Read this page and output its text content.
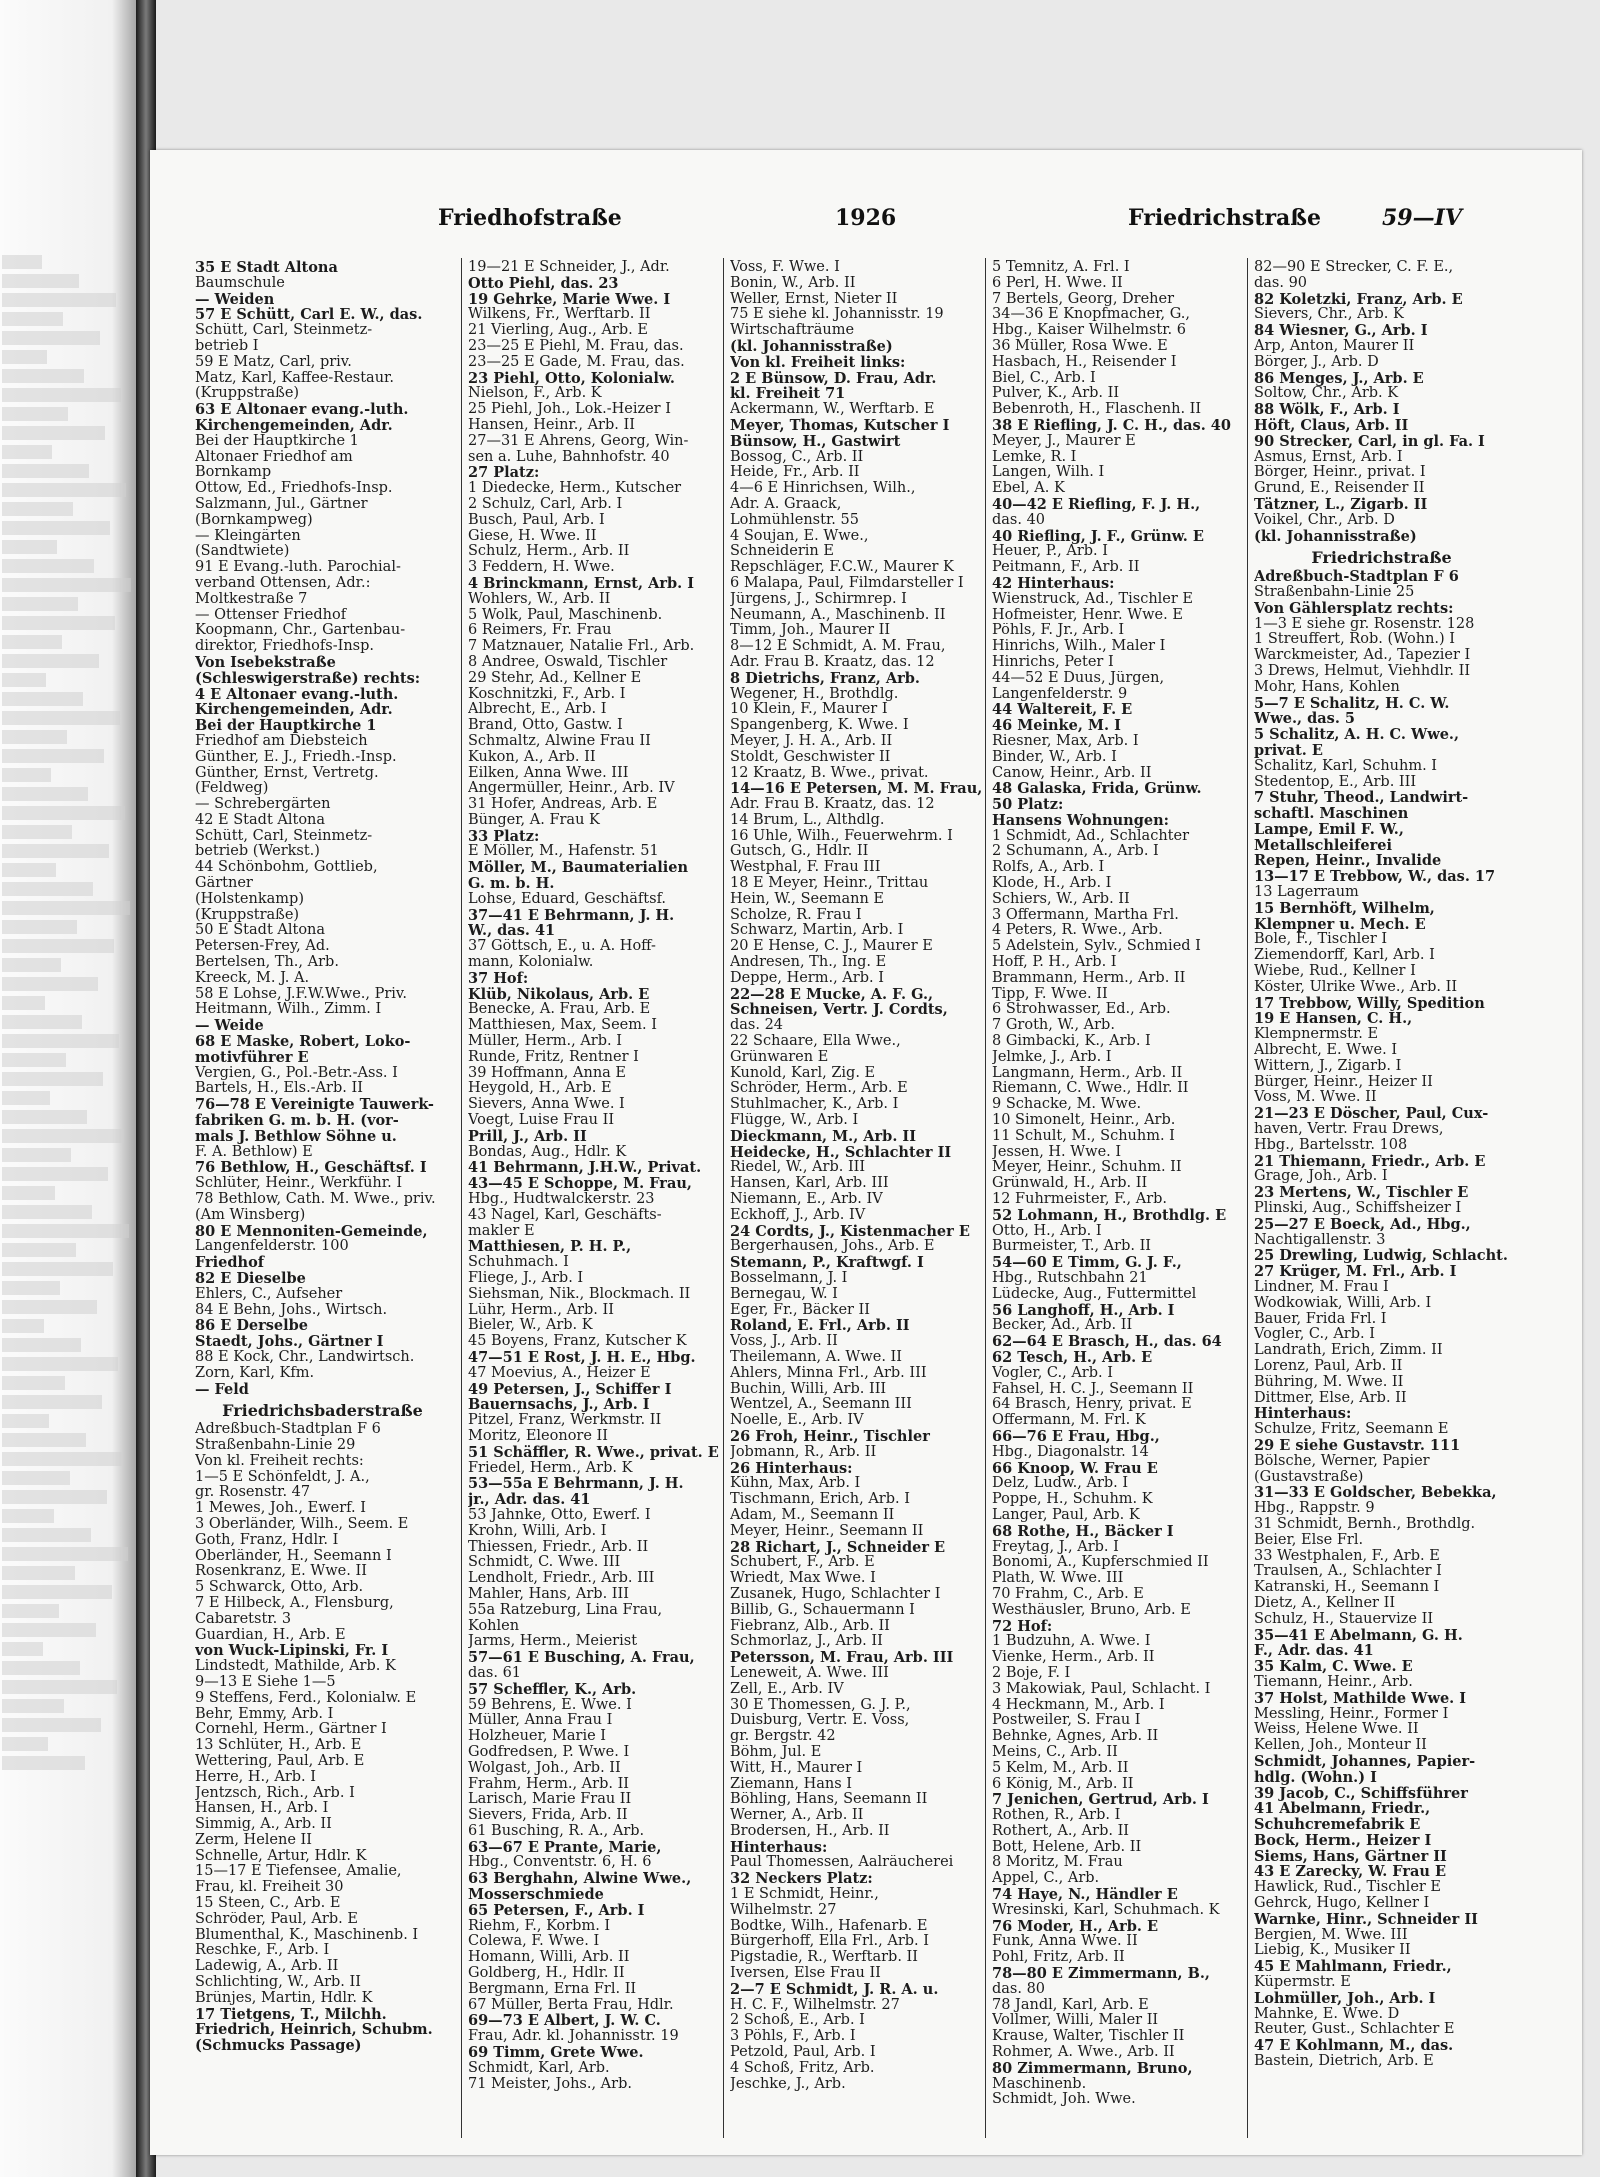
Friedhofstraße	1926	Friedrichstraße	59—IV
35 E Stadt Altona
Baumschule
— Weiden
57 E Schütt, Carl E. W., das.
Schütt, Carl, Steinmetz-
betrieb I
59 E Matz, Carl, priv.
Matz, Karl, Kaffee-Restaur.
(Kruppstraße)
63 E Altonaer evang.-luth.
Kirchengemeinden, Adr.
Bei der Hauptkirche 1
Altonaer Friedhof am
Bornkamp
Ottow, Ed., Friedhofs-Insp.
Salzmann, Jul., Gärtner
(Bornkampweg)
— Kleingärten
(Sandtwiete)
91 E Evang.-luth. Parochial-
verband Ottensen, Adr.:
Moltkestraße 7
— Ottenser Friedhof
Koopmann, Chr., Gartenbau-
direktor, Friedhofs-Insp.
Von Isebekstraße
(Schleswigerstraße) rechts:
4 E Altonaer evang.-luth.
Kirchengemeinden, Adr.
Bei der Hauptkirche 1
Friedhof am Diebsteich
Günther, E. J., Friedh.-Insp.
Günther, Ernst, Vertretg.
(Feldweg)
— Schrebergärten
42 E Stadt Altona
Schütt, Carl, Steinmetz-
betrieb (Werkst.)
44 Schönbohm, Gottlieb,
Gärtner
(Holstenkamp)
(Kruppstraße)
50 E Stadt Altona
Petersen-Frey, Ad.
Bertelsen, Th., Arb.
Kreeck, M. J. A.
58 E Lohse, J.F.W.Wwe., Priv.
Heitmann, Wilh., Zimm. I
— Weide
68 E Maske, Robert, Loko-
motivführer E
Vergien, G., Pol.-Betr.-Ass. I
Bartels, H., Els.-Arb. II
76—78 E Vereinigte Tauwerk-
fabriken G. m. b. H. (vor-
mals J. Bethlow Söhne u.
F. A. Bethlow) E
76 Bethlow, H., Geschäftsf. I
Schlüter, Heinr., Werkführ. I
78 Bethlow, Cath. M. Wwe., priv.
(Am Winsberg)
80 E Mennoniten-Gemeinde,
Langenfelderstr. 100
Friedhof
82 E Dieselbe
Ehlers, C., Aufseher
84 E Behn, Johs., Wirtsch.
86 E Derselbe
Staedt, Johs., Gärtner I
88 E Kock, Chr., Landwirtsch.
Zorn, Karl, Kfm.
— Feld
Friedrichsbaderstraße
Adreßbuch-Stadtplan F 6
Straßenbahn-Linie 29
Von kl. Freiheit rechts:
1—5 E Schönfeldt, J. A.,
gr. Rosenstr. 47
1 Mewes, Joh., Ewerf. I
3 Oberländer, Wilh., Seem. E
Goth, Franz, Hdlr. I
Oberländer, H., Seemann I
Rosenkranz, E. Wwe. II
5 Schwarck, Otto, Arb.
7 E Hilbeck, A., Flensburg,
Cabaretstr. 3
Guardian, H., Arb. E
von Wuck-Lipinski, Fr. I
Lindstedt, Mathilde, Arb. K
9—13 E Siehe 1—5
9 Steffens, Ferd., Kolonialw. E
Behr, Emmy, Arb. I
Cornehl, Herm., Gärtner I
13 Schlüter, H., Arb. E
Wettering, Paul, Arb. E
Herre, H., Arb. I
Jentzsch, Rich., Arb. I
Hansen, H., Arb. I
Simmig, A., Arb. II
Zerm, Helene II
Schnelle, Artur, Hdlr. K
15—17 E Tiefensee, Amalie,
Frau, kl. Freiheit 30
15 Steen, C., Arb. E
Schröder, Paul, Arb. E
Blumenthal, K., Maschinenb. I
Reschke, F., Arb. I
Ladewig, A., Arb. II
Schlichting, W., Arb. II
Brünjes, Martin, Hdlr. K
17 Tietgens, T., Milchh.
Friedrich, Heinrich, Schubm.
(Schmucks Passage)
19—21 E Schneider, J., Adr.
Otto Piehl, das. 23
19 Gehrke, Marie Wwe. I
Wilkens, Fr., Werftarb. II
21 Vierling, Aug., Arb. E
23—25 E Piehl, M. Frau, das.
23—25 E Gade, M. Frau, das.
23 Piehl, Otto, Kolonialw.
Nielson, F., Arb. K
25 Piehl, Joh., Lok.-Heizer I
Hansen, Heinr., Arb. II
27—31 E Ahrens, Georg, Win-
sen a. Luhe, Bahnhofstr. 40
27 Platz:
1 Diedecke, Herm., Kutscher
2 Schulz, Carl, Arb. I
Busch, Paul, Arb. I
Giese, H. Wwe. II
Schulz, Herm., Arb. II
3 Feddern, H. Wwe.
4 Brinckmann, Ernst, Arb. I
Wohlers, W., Arb. II
5 Wolk, Paul, Maschinenb.
6 Reimers, Fr. Frau
7 Matznauer, Natalie Frl., Arb.
8 Andree, Oswald, Tischler
29 Stehr, Ad., Kellner E
Koschnitzki, F., Arb. I
Albrecht, E., Arb. I
Brand, Otto, Gastw. I
Schmaltz, Alwine Frau II
Kukon, A., Arb. II
Eilken, Anna Wwe. III
Angermüller, Heinr., Arb. IV
31 Hofer, Andreas, Arb. E
Bünger, A. Frau K
33 Platz:
E Möller, M., Hafenstr. 51
Möller, M., Baumaterialien
G. m. b. H.
Lohse, Eduard, Geschäftsf.
37—41 E Behrmann, J. H.
W., das. 41
37 Göttsch, E., u. A. Hoff-
mann, Kolonialw.
37 Hof:
Klüb, Nikolaus, Arb. E
Benecke, A. Frau, Arb. E
Matthiesen, Max, Seem. I
Müller, Herm., Arb. I
Runde, Fritz, Rentner I
39 Hoffmann, Anna E
Heygold, H., Arb. E
Sievers, Anna Wwe. I
Voegt, Luise Frau II
Prill, J., Arb. II
Bondas, Aug., Hdlr. K
41 Behrmann, J.H.W., Privat.
43—45 E Schoppe, M. Frau,
Hbg., Hudtwalckerstr. 23
43 Nagel, Karl, Geschäfts-
makler E
Matthiesen, P. H. P.,
Schuhmach. I
Fliege, J., Arb. I
Siehsman, Nik., Blockmach. II
Lühr, Herm., Arb. II
Bieler, W., Arb. K
45 Boyens, Franz, Kutscher K
47—51 E Rost, J. H. E., Hbg.
47 Moevius, A., Heizer E
49 Petersen, J., Schiffer I
Bauernsachs, J., Arb. I
Pitzel, Franz, Werkmstr. II
Moritz, Eleonore II
51 Schäffler, R. Wwe., privat. E
Friedel, Herm., Arb. K
53—55a E Behrmann, J. H.
jr., Adr. das. 41
53 Jahnke, Otto, Ewerf. I
Krohn, Willi, Arb. I
Thiessen, Friedr., Arb. II
Schmidt, C. Wwe. III
Lendholt, Friedr., Arb. III
Mahler, Hans, Arb. III
55a Ratzeburg, Lina Frau,
Kohlen
Jarms, Herm., Meierist
57—61 E Busching, A. Frau,
das. 61
57 Scheffler, K., Arb.
59 Behrens, E. Wwe. I
Müller, Anna Frau I
Holzheuer, Marie I
Godfredsen, P. Wwe. I
Wolgast, Joh., Arb. II
Frahm, Herm., Arb. II
Larisch, Marie Frau II
Sievers, Frida, Arb. II
61 Busching, R. A., Arb.
63—67 E Prante, Marie,
Hbg., Conventstr. 6, H. 6
63 Berghahn, Alwine Wwe.,
Mosserschmiede
65 Petersen, F., Arb. I
Riehm, F., Korbm. I
Colewa, F. Wwe. I
Homann, Willi, Arb. II
Goldberg, H., Hdlr. II
Bergmann, Erna Frl. II
67 Müller, Berta Frau, Hdlr.
69—73 E Albert, J. W. C.
Frau, Adr. kl. Johannisstr. 19
69 Timm, Grete Wwe.
Schmidt, Karl, Arb.
71 Meister, Johs., Arb.
Voss, F. Wwe. I
Bonin, W., Arb. II
Weller, Ernst, Nieter II
75 E siehe kl. Johannisstr. 19
Wirtschafträume
(kl. Johannisstraße)
Von kl. Freiheit links:
2 E Bünsow, D. Frau, Adr.
kl. Freiheit 71
Ackermann, W., Werftarb. E
Meyer, Thomas, Kutscher I
Bünsow, H., Gastwirt
Bossog, C., Arb. II
Heide, Fr., Arb. II
4—6 E Hinrichsen, Wilh.,
Adr. A. Graack,
Lohmühlenstr. 55
4 Soujan, E. Wwe.,
Schneiderin E
Repschläger, F.C.W., Maurer K
6 Malapa, Paul, Filmdarsteller I
Jürgens, J., Schirmrep. I
Neumann, A., Maschinenb. II
Timm, Joh., Maurer II
8—12 E Schmidt, A. M. Frau,
Adr. Frau B. Kraatz, das. 12
8 Dietrichs, Franz, Arb.
Wegener, H., Brothdlg.
10 Klein, F., Maurer I
Spangenberg, K. Wwe. I
Meyer, J. H. A., Arb. II
Stoldt, Geschwister II
12 Kraatz, B. Wwe., privat.
14—16 E Petersen, M. M. Frau,
Adr. Frau B. Kraatz, das. 12
14 Brum, L., Althdlg.
16 Uhle, Wilh., Feuerwehrm. I
Gutsch, G., Hdlr. II
Westphal, F. Frau III
18 E Meyer, Heinr., Trittau
Hein, W., Seemann E
Scholze, R. Frau I
Schwarz, Martin, Arb. I
20 E Hense, C. J., Maurer E
Andresen, Th., Ing. E
Deppe, Herm., Arb. I
22—28 E Mucke, A. F. G.,
Schneisen, Vertr. J. Cordts,
das. 24
22 Schaare, Ella Wwe.,
Grünwaren E
Kunold, Karl, Zig. E
Schröder, Herm., Arb. E
Stuhlmacher, K., Arb. I
Flügge, W., Arb. I
Dieckmann, M., Arb. II
Heidecke, H., Schlachter II
Riedel, W., Arb. III
Hansen, Karl, Arb. III
Niemann, E., Arb. IV
Eckhoff, J., Arb. IV
24 Cordts, J., Kistenmacher E
Bergerhausen, Johs., Arb. E
Stemann, P., Kraftwgf. I
Bosselmann, J. I
Bernegau, W. I
Eger, Fr., Bäcker II
Roland, E. Frl., Arb. II
Voss, J., Arb. II
Theilemann, A. Wwe. II
Ahlers, Minna Frl., Arb. III
Buchin, Willi, Arb. III
Wentzel, A., Seemann III
Noelle, E., Arb. IV
26 Froh, Heinr., Tischler
Jobmann, R., Arb. II
26 Hinterhaus:
Kühn, Max, Arb. I
Tischmann, Erich, Arb. I
Adam, M., Seemann II
Meyer, Heinr., Seemann II
28 Richart, J., Schneider E
Schubert, F., Arb. E
Wriedt, Max Wwe. I
Zusanek, Hugo, Schlachter I
Billib, G., Schauermann I
Fiebranz, Alb., Arb. II
Schmorlaz, J., Arb. II
Petersson, M. Frau, Arb. III
Leneweit, A. Wwe. III
Zell, E., Arb. IV
30 E Thomessen, G. J. P.,
Duisburg, Vertr. E. Voss,
gr. Bergstr. 42
Böhm, Jul. E
Witt, H., Maurer I
Ziemann, Hans I
Böhling, Hans, Seemann II
Werner, A., Arb. II
Brodersen, H., Arb. II
Hinterhaus:
Paul Thomessen, Aalräucherei
32 Neckers Platz:
1 E Schmidt, Heinr.,
Wilhelmstr. 27
Bodtke, Wilh., Hafenarb. E
Bürgerhoff, Ella Frl., Arb. I
Pigstadie, R., Werftarb. II
Iversen, Else Frau II
2—7 E Schmidt, J. R. A. u.
H. C. F., Wilhelmstr. 27
2 Schoß, E., Arb. I
3 Pöhls, F., Arb. I
Petzold, Paul, Arb. I
4 Schoß, Fritz, Arb.
Jeschke, J., Arb.
5 Temnitz, A. Frl. I
6 Perl, H. Wwe. II
7 Bertels, Georg, Dreher
34—36 E Knopfmacher, G.,
Hbg., Kaiser Wilhelmstr. 6
36 Müller, Rosa Wwe. E
Hasbach, H., Reisender I
Biel, C., Arb. I
Pulver, K., Arb. II
Bebenroth, H., Flaschenh. II
38 E Riefling, J. C. H., das. 40
Meyer, J., Maurer E
Lemke, R. I
Langen, Wilh. I
Ebel, A. K
40—42 E Riefling, F. J. H.,
das. 40
40 Riefling, J. F., Grünw. E
Heuer, P., Arb. I
Peitmann, F., Arb. II
42 Hinterhaus:
Wienstruck, Ad., Tischler E
Hofmeister, Henr. Wwe. E
Pöhls, F. Jr., Arb. I
Hinrichs, Wilh., Maler I
Hinrichs, Peter I
44—52 E Duus, Jürgen,
Langenfelderstr. 9
44 Waltereit, F. E
46 Meinke, M. I
Riesner, Max, Arb. I
Binder, W., Arb. I
Canow, Heinr., Arb. II
48 Galaska, Frida, Grünw.
50 Platz:
Hansens Wohnungen:
1 Schmidt, Ad., Schlachter
2 Schumann, A., Arb. I
Rolfs, A., Arb. I
Klode, H., Arb. I
Schiers, W., Arb. II
3 Offermann, Martha Frl.
4 Peters, R. Wwe., Arb.
5 Adelstein, Sylv., Schmied I
Hoff, P. H., Arb. I
Brammann, Herm., Arb. II
Tipp, F. Wwe. II
6 Strohwasser, Ed., Arb.
7 Groth, W., Arb.
8 Gimbacki, K., Arb. I
Jelmke, J., Arb. I
Langmann, Herm., Arb. II
Riemann, C. Wwe., Hdlr. II
9 Schacke, M. Wwe.
10 Simonelt, Heinr., Arb.
11 Schult, M., Schuhm. I
Jessen, H. Wwe. I
Meyer, Heinr., Schuhm. II
Grünwald, H., Arb. II
12 Fuhrmeister, F., Arb.
52 Lohmann, H., Brothdlg. E
Otto, H., Arb. I
Burmeister, T., Arb. II
54—60 E Timm, G. J. F.,
Hbg., Rutschbahn 21
Lüdecke, Aug., Futtermittel
56 Langhoff, H., Arb. I
Becker, Ad., Arb. II
62—64 E Brasch, H., das. 64
62 Tesch, H., Arb. E
Vogler, C., Arb. I
Fahsel, H. C. J., Seemann II
64 Brasch, Henry, privat. E
Offermann, M. Frl. K
66—76 E Frau, Hbg.,
Hbg., Diagonalstr. 14
66 Knoop, W. Frau E
Delz, Ludw., Arb. I
Poppe, H., Schuhm. K
Langer, Paul, Arb. K
68 Rothe, H., Bäcker I
Freytag, J., Arb. I
Bonomi, A., Kupferschmied II
Plath, W. Wwe. III
70 Frahm, C., Arb. E
Westhäusler, Bruno, Arb. E
72 Hof:
1 Budzuhn, A. Wwe. I
Vienke, Herm., Arb. II
2 Boje, F. I
3 Makowiak, Paul, Schlacht. I
4 Heckmann, M., Arb. I
Postweiler, S. Frau I
Behnke, Agnes, Arb. II
Meins, C., Arb. II
5 Kelm, M., Arb. II
6 König, M., Arb. II
7 Jenichen, Gertrud, Arb. I
Rothen, R., Arb. I
Rothert, A., Arb. II
Bott, Helene, Arb. II
8 Moritz, M. Frau
Appel, C., Arb.
74 Haye, N., Händler E
Wresinski, Karl, Schuhmach. K
76 Moder, H., Arb. E
Funk, Anna Wwe. II
Pohl, Fritz, Arb. II
78—80 E Zimmermann, B.,
das. 80
78 Jandl, Karl, Arb. E
Vollmer, Willi, Maler II
Krause, Walter, Tischler II
Rohmer, A. Wwe., Arb. II
80 Zimmermann, Bruno,
Maschinenb.
Schmidt, Joh. Wwe.
82—90 E Strecker, C. F. E.,
das. 90
82 Koletzki, Franz, Arb. E
Sievers, Chr., Arb. K
84 Wiesner, G., Arb. I
Arp, Anton, Maurer II
Börger, J., Arb. D
86 Menges, J., Arb. E
Soltow, Chr., Arb. K
88 Wölk, F., Arb. I
Höft, Claus, Arb. II
90 Strecker, Carl, in gl. Fa. I
Asmus, Ernst, Arb. I
Börger, Heinr., privat. I
Grund, E., Reisender II
Tätzner, L., Zigarb. II
Voikel, Chr., Arb. D
(kl. Johannisstraße)
Friedrichstraße
Adreßbuch-Stadtplan F 6
Straßenbahn-Linie 25
Von Gählersplatz rechts:
1—3 E siehe gr. Rosenstr. 128
1 Streuffert, Rob. (Wohn.) I
Warckmeister, Ad., Tapezier I
3 Drews, Helmut, Viehhdlr. II
Mohr, Hans, Kohlen
5—7 E Schalitz, H. C. W.
Wwe., das. 5
5 Schalitz, A. H. C. Wwe.,
privat. E
Schalitz, Karl, Schuhm. I
Stedentop, E., Arb. III
7 Stuhr, Theod., Landwirt-
schaftl. Maschinen
Lampe, Emil F. W.,
Metallschleiferei
Repen, Heinr., Invalide
13—17 E Trebbow, W., das. 17
13 Lagerraum
15 Bernhöft, Wilhelm,
Klempner u. Mech. E
Bole, F., Tischler I
Ziemendorff, Karl, Arb. I
Wiebe, Rud., Kellner I
Köster, Ulrike Wwe., Arb. II
17 Trebbow, Willy, Spedition
19 E Hansen, C. H.,
Klempnermstr. E
Albrecht, E. Wwe. I
Wittern, J., Zigarb. I
Bürger, Heinr., Heizer II
Voss, M. Wwe. II
21—23 E Döscher, Paul, Cux-
haven, Vertr. Frau Drews,
Hbg., Bartelsstr. 108
21 Thiemann, Friedr., Arb. E
Grage, Joh., Arb. I
23 Mertens, W., Tischler E
Plinski, Aug., Schiffsheizer I
25—27 E Boeck, Ad., Hbg.,
Nachtigallenstr. 3
25 Drewling, Ludwig, Schlacht.
27 Krüger, M. Frl., Arb. I
Lindner, M. Frau I
Wodkowiak, Willi, Arb. I
Bauer, Frida Frl. I
Vogler, C., Arb. I
Landrath, Erich, Zimm. II
Lorenz, Paul, Arb. II
Bühring, M. Wwe. II
Dittmer, Else, Arb. II
Hinterhaus:
Schulze, Fritz, Seemann E
29 E siehe Gustavstr. 111
Bölsche, Werner, Papier
(Gustavstraße)
31—33 E Goldscher, Bebekka,
Hbg., Rappstr. 9
31 Schmidt, Bernh., Brothdlg.
Beier, Else Frl.
33 Westphalen, F., Arb. E
Traulsen, A., Schlachter I
Katranski, H., Seemann I
Dietz, A., Kellner II
Schulz, H., Stauervize II
35—41 E Abelmann, G. H.
F., Adr. das. 41
35 Kalm, C. Wwe. E
Tiemann, Heinr., Arb.
37 Holst, Mathilde Wwe. I
Messling, Heinr., Former I
Weiss, Helene Wwe. II
Kellen, Joh., Monteur II
Schmidt, Johannes, Papier-
hdlg. (Wohn.) I
39 Jacob, C., Schiffsführer
41 Abelmann, Friedr.,
Schuhcremefabrik E
Bock, Herm., Heizer I
Siems, Hans, Gärtner II
43 E Zarecky, W. Frau E
Hawlick, Rud., Tischler E
Gehrck, Hugo, Kellner I
Warnke, Hinr., Schneider II
Bergien, M. Wwe. III
Liebig, K., Musiker II
45 E Mahlmann, Friedr.,
Küpermstr. E
Lohmüller, Joh., Arb. I
Mahnke, E. Wwe. D
Reuter, Gust., Schlachter E
47 E Kohlmann, M., das.
Bastein, Dietrich, Arb. E
